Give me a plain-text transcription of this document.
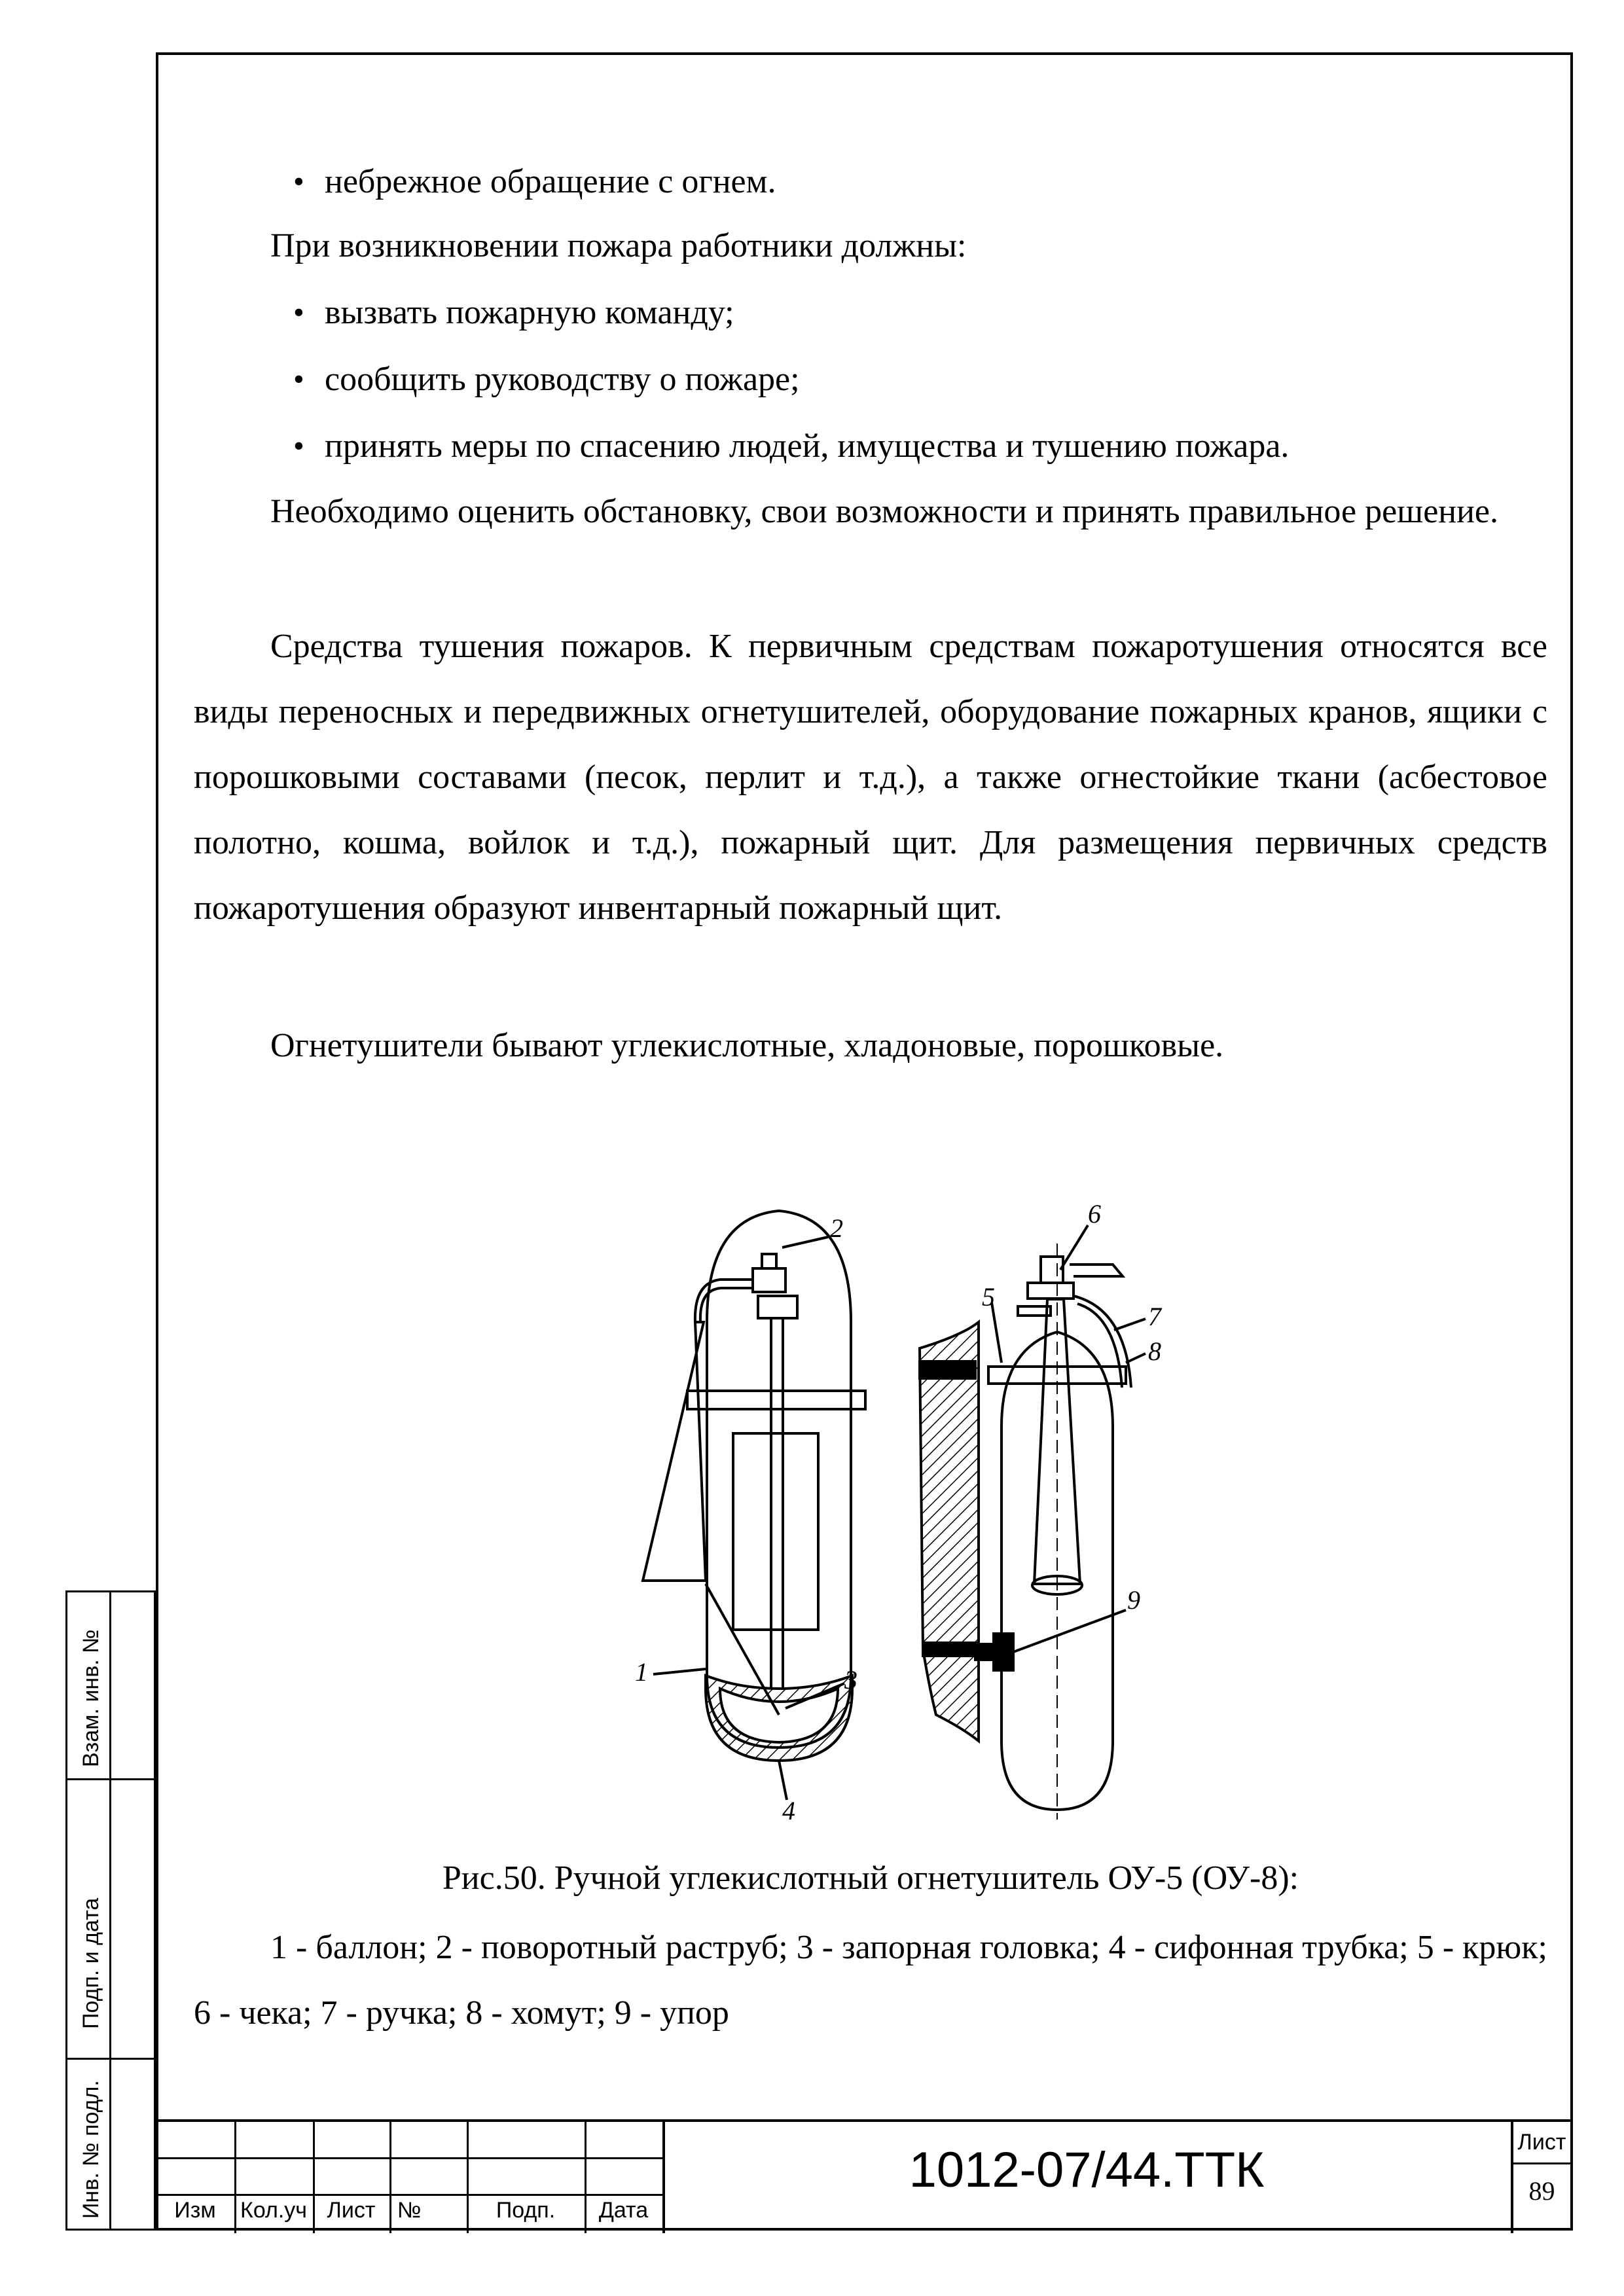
• небрежное обращение с огнем.
При возникновении пожара работники должны:
• вызвать пожарную команду;
• сообщить руководству о пожаре;
• принять меры по спасению людей, имущества и тушению пожара.
Необходимо оценить обстановку, свои возможности и принять правильное решение.
Средства тушения пожаров. К первичным средствам пожаротушения относятся все виды переносных и передвижных огнетушителей, оборудование пожарных кранов, ящики с порошковыми составами (песок, перлит и т.д.), а также огнестойкие ткани (асбестовое полотно, кошма, войлок и т.д.), пожарный щит. Для размещения первичных средств пожаротушения образуют инвентарный пожарный щит.
Огнетушители бывают углекислотные, хладоновые, порошковые.
1
2
3
4
5
6
7
8
9
Рис.50. Ручной углекислотный огнетушитель ОУ-5 (ОУ-8):
1 - баллон; 2 - поворотный раструб; 3 - запорная головка; 4 - сифонная трубка; 5 - крюк; 6 - чека; 7 - ручка; 8 - хомут; 9 - упор
Взам. инв. №
Подп. и дата
Инв. № подл.	Изм	Кол.уч Лист №	Подп.	Дата
1012-07/44.ТТК	Лист
89
